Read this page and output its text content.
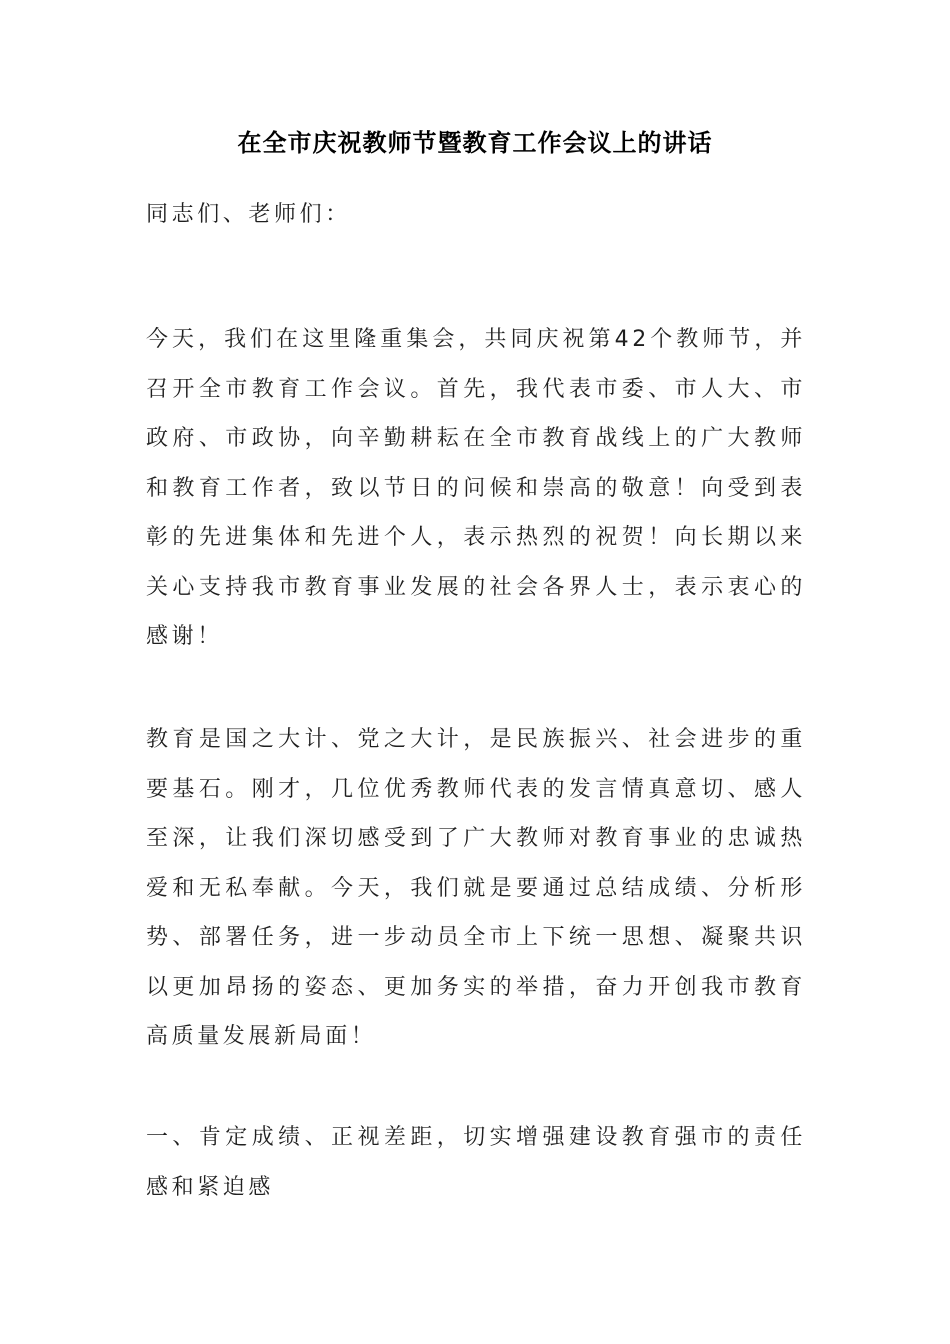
在全市庆祝教师节暨教育工作会议上的讲话
同志们、老师们：
今天，我们在这里隆重集会，共同庆祝第42个教师节，并召开全市教育工作会议。首先，我代表市委、市人大、市政府、市政协，向辛勤耕耘在全市教育战线上的广大教师和教育工作者，致以节日的问候和崇高的敬意！向受到表彰的先进集体和先进个人，表示热烈的祝贺！向长期以来关心支持我市教育事业发展的社会各界人士，表示衷心的感谢！
教育是国之大计、党之大计，是民族振兴、社会进步的重要基石。刚才，几位优秀教师代表的发言情真意切、感人至深，让我们深切感受到了广大教师对教育事业的忠诚热爱和无私奉献。今天，我们就是要通过总结成绩、分析形势、部署任务，进一步动员全市上下统一思想、凝聚共识以更加昂扬的姿态、更加务实的举措，奋力开创我市教育高质量发展新局面！
一、肯定成绩、正视差距，切实增强建设教育强市的责任感和紧迫感
